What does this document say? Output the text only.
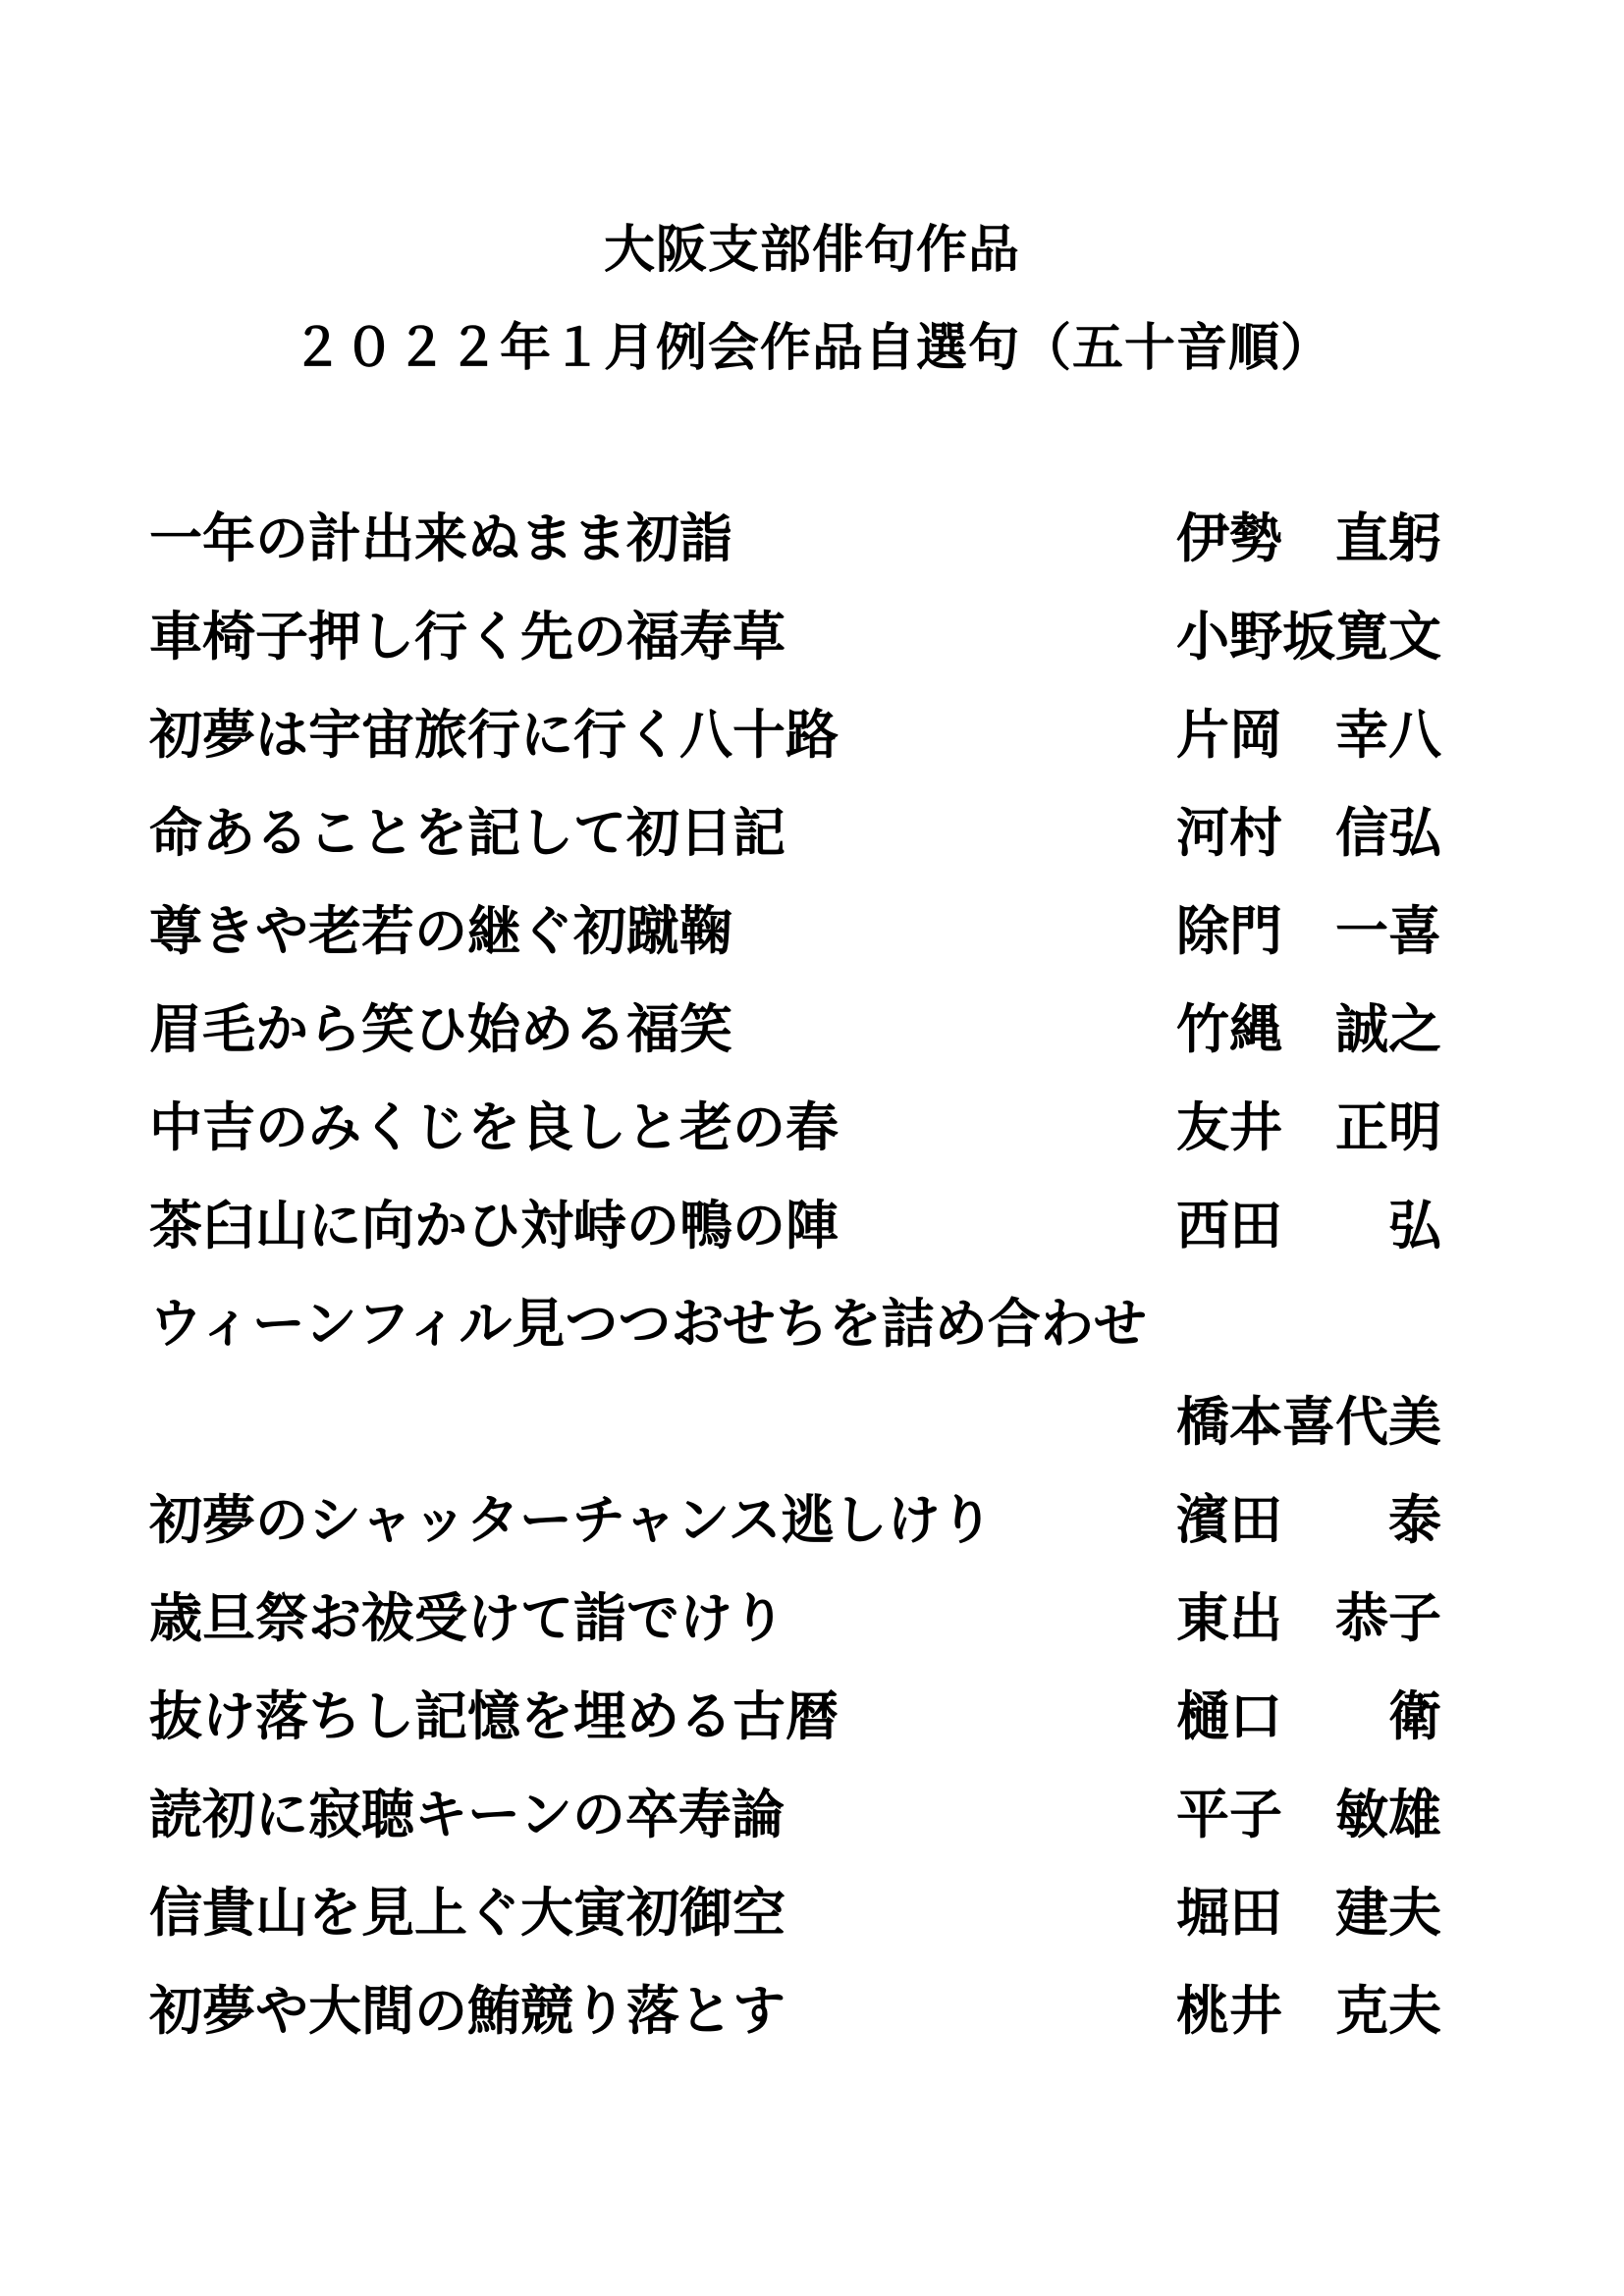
大阪支部俳句作品
２０２２年１月例会作品自選句（五十音順）
一年の計出来ぬまま初詣	伊勢　直躬
車椅子押し行く先の福寿草	小野坂寛文
初夢は宇宙旅行に行く八十路	片岡　幸八
命あることを記して初日記	河村　信弘
尊きや老若の継ぐ初蹴鞠	除門　一喜
眉毛から笑ひ始める福笑	竹縄　誠之
中吉のみくじを良しと老の春	友井　正明
茶臼山に向かひ対峙の鴨の陣	西田　　弘
ウィーンフィル見つつおせちを詰め合わせ
橋本喜代美
初夢のシャッターチャンス逃しけり	濱田　　泰
歳旦祭お祓受けて詣でけり	東出　恭子
抜け落ちし記憶を埋める古暦	樋口　　衛
読初に寂聴キーンの卒寿論	平子　敏雄
信貴山を見上ぐ大寅初御空	堀田　建夫
初夢や大間の鮪競り落とす	桃井　克夫
